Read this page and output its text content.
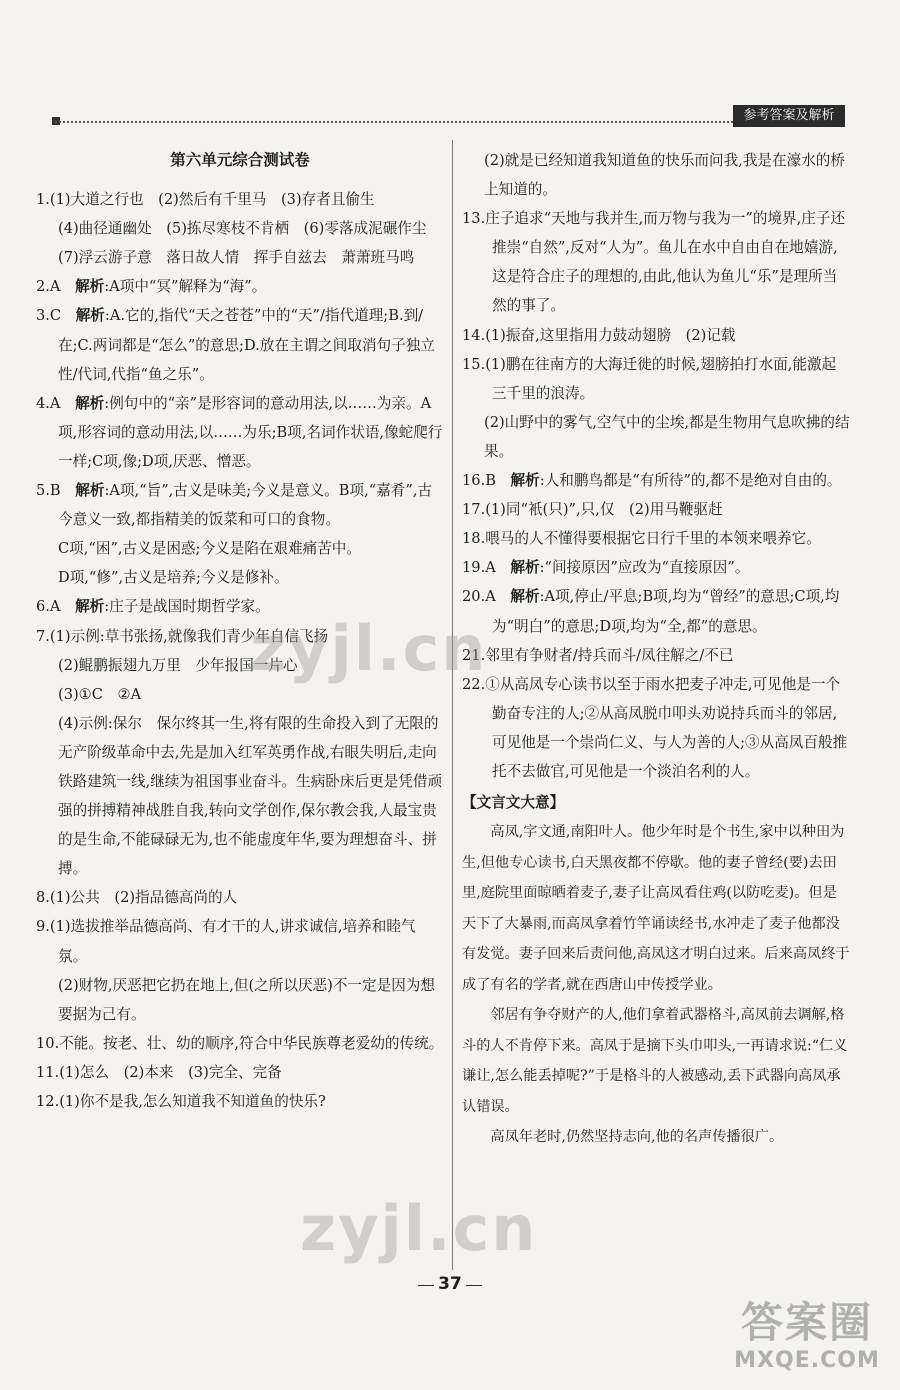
参考答案及解析
第六单元综合测试卷

1.(1)大道之行也　(2)然后有千里马　(3)存者且偷生

(4)曲径通幽处　(5)拣尽寒枝不肯栖　(6)零落成泥碾作尘　(7)浮云游子意　落日故人情　挥手自兹去　萧萧班马鸣

2.A　 解析:A项中“冥”解释为“海”。

3.C　 解析:A.它的,指代“天之苍苍”中的“天”/指代道理;B.到/在;C.两词都是“怎么”的意思;D.放在主谓之间取消句子独立性/代词,代指“鱼之乐”。

4.A　 解析:例句中的“亲”是形容词的意动用法,以……为亲。A项,形容词的意动用法,以……为乐;B项,名词作状语,像蛇爬行一样;C项,像;D项,厌恶、憎恶。

5.B　 解析:A项,“旨”,古义是味美;今义是意义。B项,“嘉肴”,古今意义一致,都指精美的饭菜和可口的食物。

C项,“困”,古义是困惑;今义是陷在艰难痛苦中。

D项,“修”,古义是培养;今义是修补。

6.A　 解析:庄子是战国时期哲学家。

7.(1)示例:草书张扬,就像我们青少年自信飞扬

(2)鲲鹏振翅九万里　少年报国一片心

(3)①C　②A

(4)示例:保尔　保尔终其一生,将有限的生命投入到了无限的无产阶级革命中去,先是加入红军英勇作战,右眼失明后,走向铁路建筑一线,继续为祖国事业奋斗。生病卧床后更是凭借顽强的拼搏精神战胜自我,转向文学创作,保尔教会我,人最宝贵的是生命,不能碌碌无为,也不能虚度年华,要为理想奋斗、拼搏。

8.(1)公共　(2)指品德高尚的人

9.(1)选拔推举品德高尚、有才干的人,讲求诚信,培养和睦气氛。

(2)财物,厌恶把它扔在地上,但(之所以厌恶)不一定是因为想要据为己有。

10.不能。按老、壮、幼的顺序,符合中华民族尊老爱幼的传统。

11.(1)怎么　(2)本来　(3)完全、完备

12.(1)你不是我,怎么知道我不知道鱼的快乐?

(2)就是已经知道我知道鱼的快乐而问我,我是在濠水的桥上知道的。

13.庄子追求“天地与我并生,而万物与我为一”的境界,庄子还推崇“自然”,反对“人为”。鱼儿在水中自由自在地嬉游,这是符合庄子的理想的,由此,他认为鱼儿“乐”是理所当然的事了。

14.(1)振奋,这里指用力鼓动翅膀　(2)记载

15.(1)鹏在往南方的大海迁徙的时候,翅膀拍打水面,能激起三千里的浪涛。

(2)山野中的雾气,空气中的尘埃,都是生物用气息吹拂的结果。

16.B　 解析:人和鹏鸟都是“有所待”的,都不是绝对自由的。

17.(1)同“衹(只)”,只,仅　(2)用马鞭驱赶

18.喂马的人不懂得要根据它日行千里的本领来喂养它。

19.A　 解析:“间接原因”应改为“直接原因”。

20.A　 解析:A项,停止/平息;B项,均为“曾经”的意思;C项,均为“明白”的意思;D项,均为“全,都”的意思。

21.邻里有争财者/持兵而斗/凤往解之/不已

22.①从高凤专心读书以至于雨水把麦子冲走,可见他是一个勤奋专注的人;②从高凤脱巾叩头劝说持兵而斗的邻居,可见他是一个崇尚仁义、与人为善的人;③从高凤百般推托不去做官,可见他是一个淡泊名利的人。

【文言文大意】

高凤,字文通,南阳叶人。他少年时是个书生,家中以种田为生,但他专心读书,白天黑夜都不停歇。他的妻子曾经(要)去田里,庭院里面晾晒着麦子,妻子让高凤看住鸡(以防吃麦)。但是天下了大暴雨,而高凤拿着竹竿诵读经书,水冲走了麦子他都没有发觉。妻子回来后责问他,高凤这才明白过来。后来高凤终于成了有名的学者,就在西唐山中传授学业。

邻居有争夺财产的人,他们拿着武器格斗,高凤前去调解,格斗的人不肯停下来。高凤于是摘下头巾叩头,一再请求说:“仁义谦让,怎么能丢掉呢?”于是格斗的人被感动,丢下武器向高凤承认错误。

高凤年老时,仍然坚持志向,他的名声传播很广。

37
zyjl.cn
zyjl.cn
答案圈
MXQE.COM
